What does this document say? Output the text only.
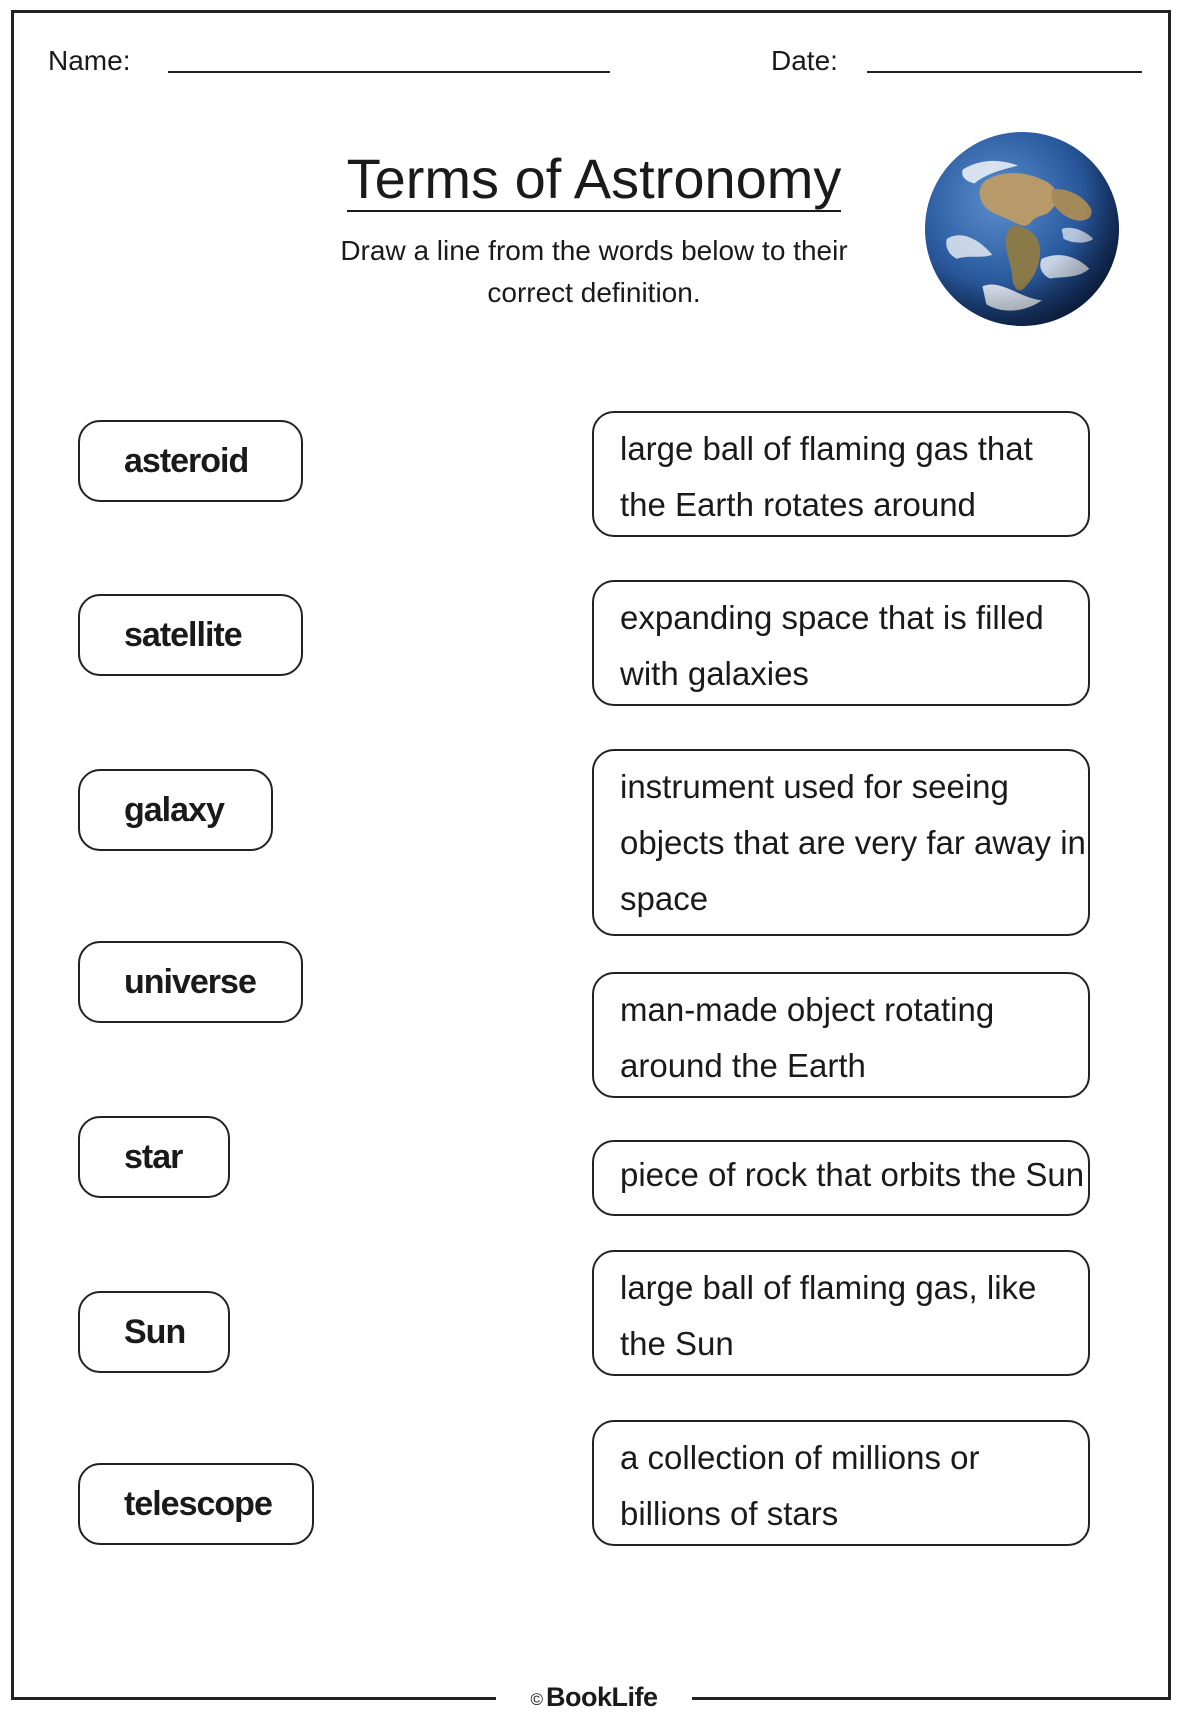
© BookLife
Name:	Date:
Terms of Astronomy
Draw a line from the words below to their
correct definition.
asteroid
satellite
galaxy
universe
star
Sun
telescope
large ball of flaming gas that
the Earth rotates around
expanding space that is filled
with galaxies
instrument used for seeing
objects that are very far away in
space
man-made object rotating
around the Earth
piece of rock that orbits the Sun
large ball of flaming gas, like
the Sun
a collection of millions or
billions of stars
